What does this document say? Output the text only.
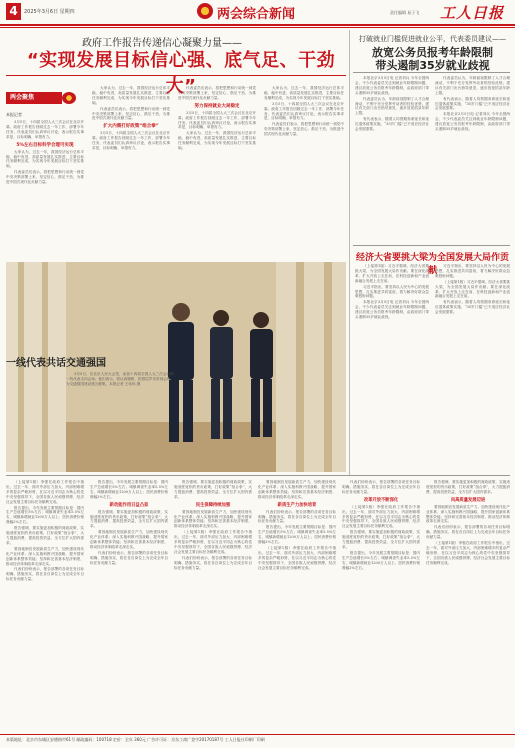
4	2025年3月6日 星期四	两会综合新闻	责任编辑 易子飞 工人日报
政府工作报告传递信心凝聚力量——
“实现发展目标信心强、底气足、干劲大”
两会聚焦
本报记者

3月5日，十四届全国人大三次会议在北京开幕。政府工作报告回顾过去一年工作，部署今年任务，代表委员们认真审议讨论，表示报告实事求是、目标明确、举措有力。

5%左右目标科学合理可实现

大家认为，过去一年，我国经济运行总体平稳、稳中有进，高质量发展扎实推进，主要目标任务顺利完成，为实现今年发展目标打下坚实基础。

代表委员们表示，将把思想和行动统一到党中央决策部署上来，坚定信心、鼓足干劲，为推进中国式现代化贡献力量。

大家认为，过去一年，我国经济运行总体平稳、稳中有进，高质量发展扎实推进，主要目标任务顺利完成，为实现今年发展目标打下坚实基础。

代表委员们表示，将把思想和行动统一到党中央决策部署上来，坚定信心、鼓足干劲，为推进中国式现代化贡献力量。

扩大内需打好政策“组合拳”

3月5日，十四届全国人大三次会议在北京开幕。政府工作报告回顾过去一年工作，部署今年任务，代表委员们认真审议讨论，表示报告实事求是、目标明确、举措有力。

代表委员们表示，将把思想和行动统一到党中央决策部署上来，坚定信心、鼓足干劲，为推进中国式现代化贡献力量。

努力保持就业大局稳定

3月5日，十四届全国人大三次会议在北京开幕。政府工作报告回顾过去一年工作，部署今年任务，代表委员们认真审议讨论，表示报告实事求是、目标明确、举措有力。

大家认为，过去一年，我国经济运行总体平稳、稳中有进，高质量发展扎实推进，主要目标任务顺利完成，为实现今年发展目标打下坚实基础。

大家认为，过去一年，我国经济运行总体平稳、稳中有进，高质量发展扎实推进，主要目标任务顺利完成，为实现今年发展目标打下坚实基础。

3月5日，十四届全国人大三次会议在北京开幕。政府工作报告回顾过去一年工作，部署今年任务，代表委员们认真审议讨论，表示报告实事求是、目标明确、举措有力。

代表委员们表示，将把思想和行动统一到党中央决策部署上来，坚定信心、鼓足干劲，为推进中国式现代化贡献力量。

一线代表共话交通强国

3月5日，在北京人民大会堂，参加十四届全国人大三次会议的一线代表走向会场。他们表示，将认真履职，把基层声音带到会场，为交通强国建设建言献策。本报记者 王伟伟 摄

打破就业门槛促进就业公平，代表委员建议——
放宽公务员报考年龄限制
带头遏制35岁就业歧视

本报北京3月5日电 记者刘兵 今年全国两会，不少代表委员关注到就业年龄限制问题，建议放宽公务员报考年龄限制，由政府部门带头遏制35岁就业歧视。

代表委员认为，年龄歧视限制了人才合理流动，不利于充分发挥劳动者的经验优势。建议有关部门出台指导意见，逐步放宽招录年龄上限。

有代表表示，随着人均预期寿命延长和延迟退休政策实施，“35岁门槛”已不适应经济社会发展需要。

代表委员认为，年龄歧视限制了人才合理流动，不利于充分发挥劳动者的经验优势。建议有关部门出台指导意见，逐步放宽招录年龄上限。

有代表表示，随着人均预期寿命延长和延迟退休政策实施，“35岁门槛”已不适应经济社会发展需要。

本报北京3月5日电 记者刘兵 今年全国两会，不少代表委员关注到就业年龄限制问题，建议放宽公务员报考年龄限制，由政府部门带头遏制35岁就业歧视。

经济大省要挑大梁为全国发展大局作贡献

（上接第1版）习近平强调，经济大省要挑大梁，为全国发展大局作贡献。要在深化改革、扩大开放上走在前，在科技创新和产业创新融合发展上走在前。

习近平指出，要坚持以人民为中心的发展思想，扎实推进共同富裕，着力解决好群众急难愁盼问题。

本报北京3月5日电 记者刘兵 今年全国两会，不少代表委员关注到就业年龄限制问题，建议放宽公务员报考年龄限制，由政府部门带头遏制35岁就业歧视。

习近平指出，要坚持以人民为中心的发展思想，扎实推进共同富裕，着力解决好群众急难愁盼问题。

（上接第1版）习近平强调，经济大省要挑大梁，为全国发展大局作贡献。要在深化改革、扩大开放上走在前，在科技创新和产业创新融合发展上走在前。

有代表表示，随着人均预期寿命延长和延迟退休政策实施，“35岁门槛”已不适应经济社会发展需要。

（上接第1版）李强在政府工作报告中指出，过去一年，面对外部压力加大、内部困难增多的复杂严峻形势，在以习近平同志为核心的党中央坚强领导下，全国各族人民顽强拼搏，经济社会发展主要目标任务顺利完成。

报告提出，今年发展主要预期目标是：国内生产总值增长5%左右；城镇调查失业率5.5%左右，城镇新增就业1200万人以上；居民消费价格涨幅2%左右。

报告强调，要实施更加积极的财政政策，实施适度宽松的货币政策，打好政策“组合拳”，大力提振消费、提高投资效益，全方位扩大国内需求。

要因地制宜发展新质生产力，加快建设现代化产业体系；深入实施科教兴国战略，提升国家创新体系整体效能；坚持和完善基本经济制度，推动经济体制改革走深走实。

代表们纷纷表示，报告部署的各项任务目标明确、措施务实，将在各自岗位上为完成全年目标任务贡献力量。

报告提出，今年发展主要预期目标是：国内生产总值增长5%左右；城镇调查失业率5.5%左右，城镇新增就业1200万人以上；居民消费价格涨幅2%左右。

新动能作用日益凸显

报告强调，要实施更加积极的财政政策，实施适度宽松的货币政策，打好政策“组合拳”，大力提振消费、提高投资效益，全方位扩大国内需求。

要因地制宜发展新质生产力，加快建设现代化产业体系；深入实施科教兴国战略，提升国家创新体系整体效能；坚持和完善基本经济制度，推动经济体制改革走深走实。

代表们纷纷表示，报告部署的各项任务目标明确、措施务实，将在各自岗位上为完成全年目标任务贡献力量。

报告强调，要实施更加积极的财政政策，实施适度宽松的货币政策，打好政策“组合拳”，大力提振消费、提高投资效益，全方位扩大国内需求。

民生保障持续加强

要因地制宜发展新质生产力，加快建设现代化产业体系；深入实施科教兴国战略，提升国家创新体系整体效能；坚持和完善基本经济制度，推动经济体制改革走深走实。

（上接第1版）李强在政府工作报告中指出，过去一年，面对外部压力加大、内部困难增多的复杂严峻形势，在以习近平同志为核心的党中央坚强领导下，全国各族人民顽强拼搏，经济社会发展主要目标任务顺利完成。

代表们纷纷表示，报告部署的各项任务目标明确、措施务实，将在各自岗位上为完成全年目标任务贡献力量。

要因地制宜发展新质生产力，加快建设现代化产业体系；深入实施科教兴国战略，提升国家创新体系整体效能；坚持和完善基本经济制度，推动经济体制改革走深走实。

新质生产力加快培育

代表们纷纷表示，报告部署的各项任务目标明确、措施务实，将在各自岗位上为完成全年目标任务贡献力量。

报告提出，今年发展主要预期目标是：国内生产总值增长5%左右；城镇调查失业率5.5%左右，城镇新增就业1200万人以上；居民消费价格涨幅2%左右。

（上接第1版）李强在政府工作报告中指出，过去一年，面对外部压力加大、内部困难增多的复杂严峻形势，在以习近平同志为核心的党中央坚强领导下，全国各族人民顽强拼搏，经济社会发展主要目标任务顺利完成。

代表们纷纷表示，报告部署的各项任务目标明确、措施务实，将在各自岗位上为完成全年目标任务贡献力量。

改革开放不断深化

（上接第1版）李强在政府工作报告中指出，过去一年，面对外部压力加大、内部困难增多的复杂严峻形势，在以习近平同志为核心的党中央坚强领导下，全国各族人民顽强拼搏，经济社会发展主要目标任务顺利完成。

报告强调，要实施更加积极的财政政策，实施适度宽松的货币政策，打好政策“组合拳”，大力提振消费、提高投资效益，全方位扩大国内需求。

报告提出，今年发展主要预期目标是：国内生产总值增长5%左右；城镇调查失业率5.5%左右，城镇新增就业1200万人以上；居民消费价格涨幅2%左右。

报告强调，要实施更加积极的财政政策，实施适度宽松的货币政策，打好政策“组合拳”，大力提振消费、提高投资效益，全方位扩大国内需求。

向高质量发展迈进

要因地制宜发展新质生产力，加快建设现代化产业体系；深入实施科教兴国战略，提升国家创新体系整体效能；坚持和完善基本经济制度，推动经济体制改革走深走实。

代表们纷纷表示，报告部署的各项任务目标明确、措施务实，将在各自岗位上为完成全年目标任务贡献力量。

（上接第1版）李强在政府工作报告中指出，过去一年，面对外部压力加大、内部困难增多的复杂严峻形势，在以习近平同志为核心的党中央坚强领导下，全国各族人民顽强拼搏，经济社会发展主要目标任务顺利完成。

本版地址：北京市东城区安德路甲61号 邮政编码：100718 定价：全年 360元 广告许可证：京东工商广登字20170187号 工人日报社印刷厂印刷
